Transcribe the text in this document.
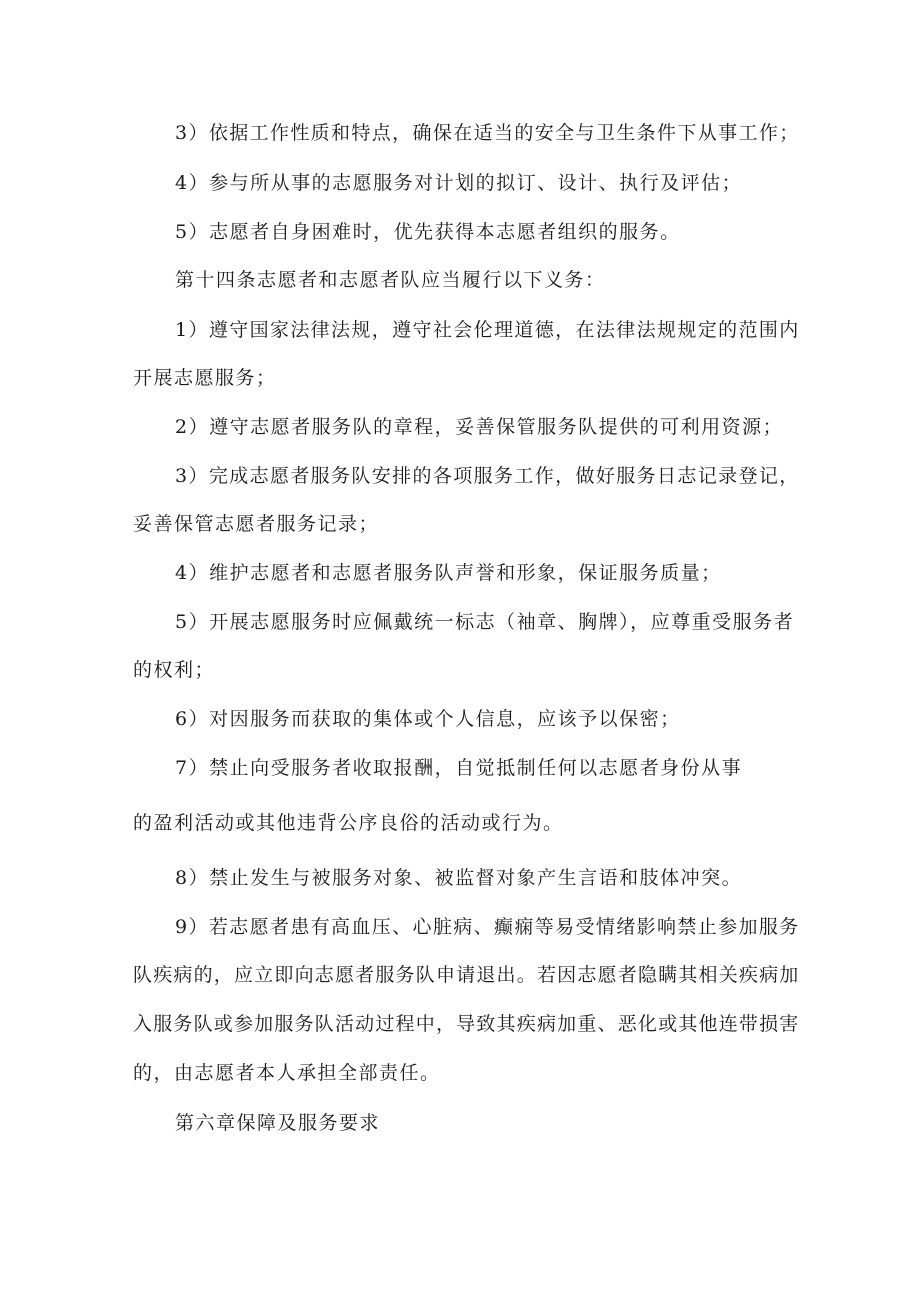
3）依据工作性质和特点，确保在适当的安全与卫生条件下从事工作；
4）参与所从事的志愿服务对计划的拟订、设计、执行及评估；
5）志愿者自身困难时，优先获得本志愿者组织的服务。
第十四条志愿者和志愿者队应当履行以下义务：
1）遵守国家法律法规，遵守社会伦理道德，在法律法规规定的范围内
开展志愿服务；
2）遵守志愿者服务队的章程，妥善保管服务队提供的可利用资源；
3）完成志愿者服务队安排的各项服务工作，做好服务日志记录登记，
妥善保管志愿者服务记录；
4）维护志愿者和志愿者服务队声誉和形象，保证服务质量；
5）开展志愿服务时应佩戴统一标志（袖章、胸牌），应尊重受服务者
的权利；
6）对因服务而获取的集体或个人信息，应该予以保密；
7）禁止向受服务者收取报酬，自觉抵制任何以志愿者身份从事
的盈利活动或其他违背公序良俗的活动或行为。
8）禁止发生与被服务对象、被监督对象产生言语和肢体冲突。
9）若志愿者患有高血压、心脏病、癫痫等易受情绪影响禁止参加服务
队疾病的，应立即向志愿者服务队申请退出。若因志愿者隐瞒其相关疾病加
入服务队或参加服务队活动过程中，导致其疾病加重、恶化或其他连带损害
的，由志愿者本人承担全部责任。
第六章保障及服务要求
